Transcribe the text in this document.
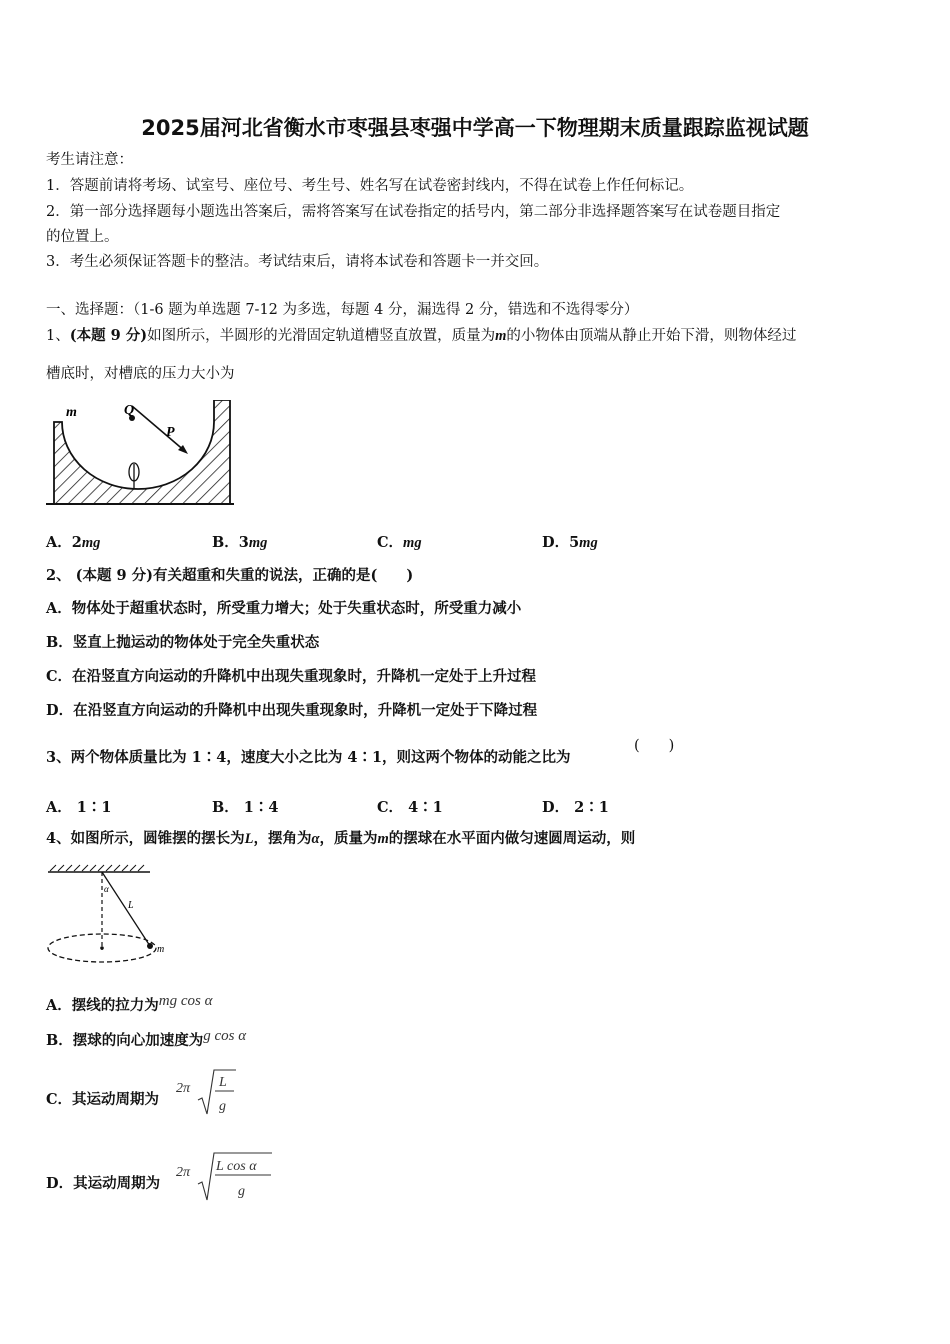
2025届河北省衡水市枣强县枣强中学高一下物理期末质量跟踪监视试题
考生请注意：
1．答题前请将考场、试室号、座位号、考生号、姓名写在试卷密封线内，不得在试卷上作任何标记。
2．第一部分选择题每小题选出答案后，需将答案写在试卷指定的括号内，第二部分非选择题答案写在试卷题目指定
的位置上。
3．考生必须保证答题卡的整洁。考试结束后，请将本试卷和答题卡一并交回。
一、选择题：（1-6 题为单选题 7-12 为多选，每题 4 分，漏选得 2 分，错选和不选得零分）
1、(本题 9 分)如图所示，半圆形的光滑固定轨道槽竖直放置，质量为m的小物体由顶端从静止开始下滑，则物体经过
槽底时，对槽底的压力大小为
m	Q
P
A．2mg	B．3mg	C．mg	D．5mg
2、 (本题 9 分)有关超重和失重的说法，正确的是(　　)
A．物体处于超重状态时，所受重力增大；处于失重状态时，所受重力减小
B．竖直上抛运动的物体处于完全失重状态
C．在沿竖直方向运动的升降机中出现失重现象时，升降机一定处于上升过程
D．在沿竖直方向运动的升降机中出现失重现象时，升降机一定处于下降过程
3、两个物体质量比为 1∶4，速度大小之比为 4∶1，则这两个物体的动能之比为
(　　)
A． 1∶1	B． 1∶4	C． 4∶1	D． 2∶1
4、如图所示，圆锥摆的摆长为L，摆角为α，质量为m的摆球在水平面内做匀速圆周运动，则
α
L
m
A．摆线的拉力为mg cos α
B．摆球的向心加速度为g cos α
C．其运动周期为
2π L
g
D．其运动周期为
2π L cos α
g
